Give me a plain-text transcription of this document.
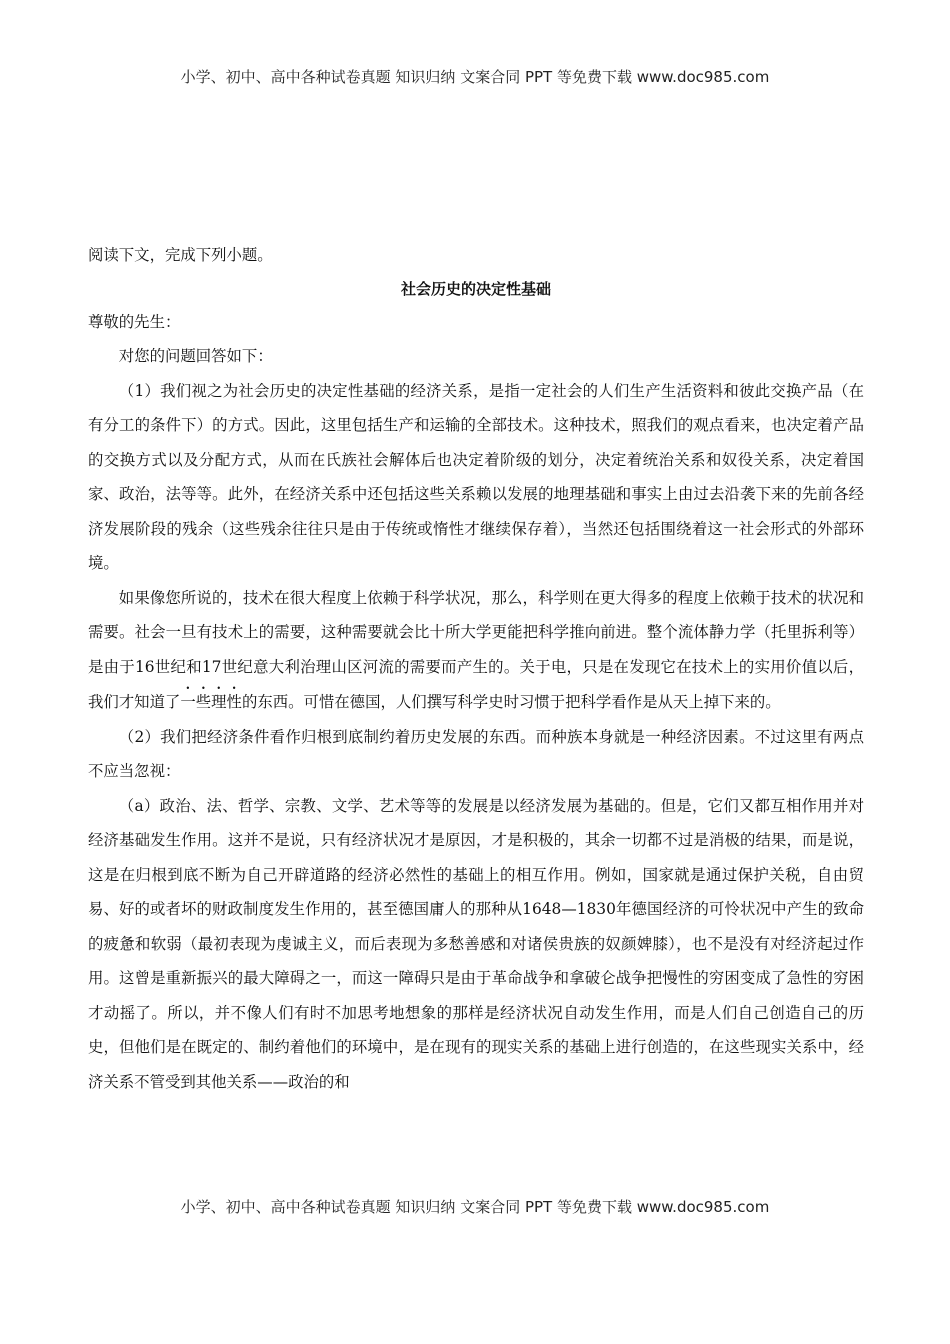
小学、初中、高中各种试卷真题 知识归纳 文案合同 PPT 等免费下载 www.doc985.com

阅读下文，完成下列小题。

社会历史的决定性基础

尊敬的先生：

对您的问题回答如下：

（1）我们视之为社会历史的决定性基础的经济关系，是指一定社会的人们生产生活资料和彼此交换产品（在有分工的条件下）的方式。因此，这里包括生产和运输的全部技术。这种技术，照我们的观点看来，也决定着产品的交换方式以及分配方式，从而在氏族社会解体后也决定着阶级的划分，决定着统治关系和奴役关系，决定着国家、政治，法等等。此外，在经济关系中还包括这些关系赖以发展的地理基础和事实上由过去沿袭下来的先前各经济发展阶段的残余（这些残余往往只是由于传统或惰性才继续保存着），当然还包括围绕着这一社会形式的外部环境。

如果像您所说的，技术在很大程度上依赖于科学状况，那么，科学则在更大得多的程度上依赖于技术的状况和需要。社会一旦有技术上的需要，这种需要就会比十所大学更能把科学推向前进。整个流体静力学（托里拆利等）是由于16世纪和17世纪意大利治理山区河流的需要而产生的。关于电，只是在发现它在技术上的实用价值以后，我们才知道了一些理性的东西。可惜在德国，人们撰写科学史时习惯于把科学看作是从天上掉下来的。

（2）我们把经济条件看作归根到底制约着历史发展的东西。而种族本身就是一种经济因素。不过这里有两点不应当忽视：

（a）政治、法、哲学、宗教、文学、艺术等等的发展是以经济发展为基础的。但是，它们又都互相作用并对经济基础发生作用。这并不是说，只有经济状况才是原因，才是积极的，其余一切都不过是消极的结果，而是说，这是在归根到底不断为自己开辟道路的经济必然性的基础上的相互作用。例如，国家就是通过保护关税，自由贸易、好的或者坏的财政制度发生作用的，甚至德国庸人的那种从1648—1830年德国经济的可怜状况中产生的致命的疲惫和软弱（最初表现为虔诚主义，而后表现为多愁善感和对诸侯贵族的奴颜婢膝），也不是没有对经济起过作用。这曾是重新振兴的最大障碍之一，而这一障碍只是由于革命战争和拿破仑战争把慢性的穷困变成了急性的穷困才动摇了。所以，并不像人们有时不加思考地想象的那样是经济状况自动发生作用，而是人们自己创造自己的历史，但他们是在既定的、制约着他们的环境中，是在现有的现实关系的基础上进行创造的，在这些现实关系中，经济关系不管受到其他关系——政治的和

小学、初中、高中各种试卷真题 知识归纳 文案合同 PPT 等免费下载 www.doc985.com
